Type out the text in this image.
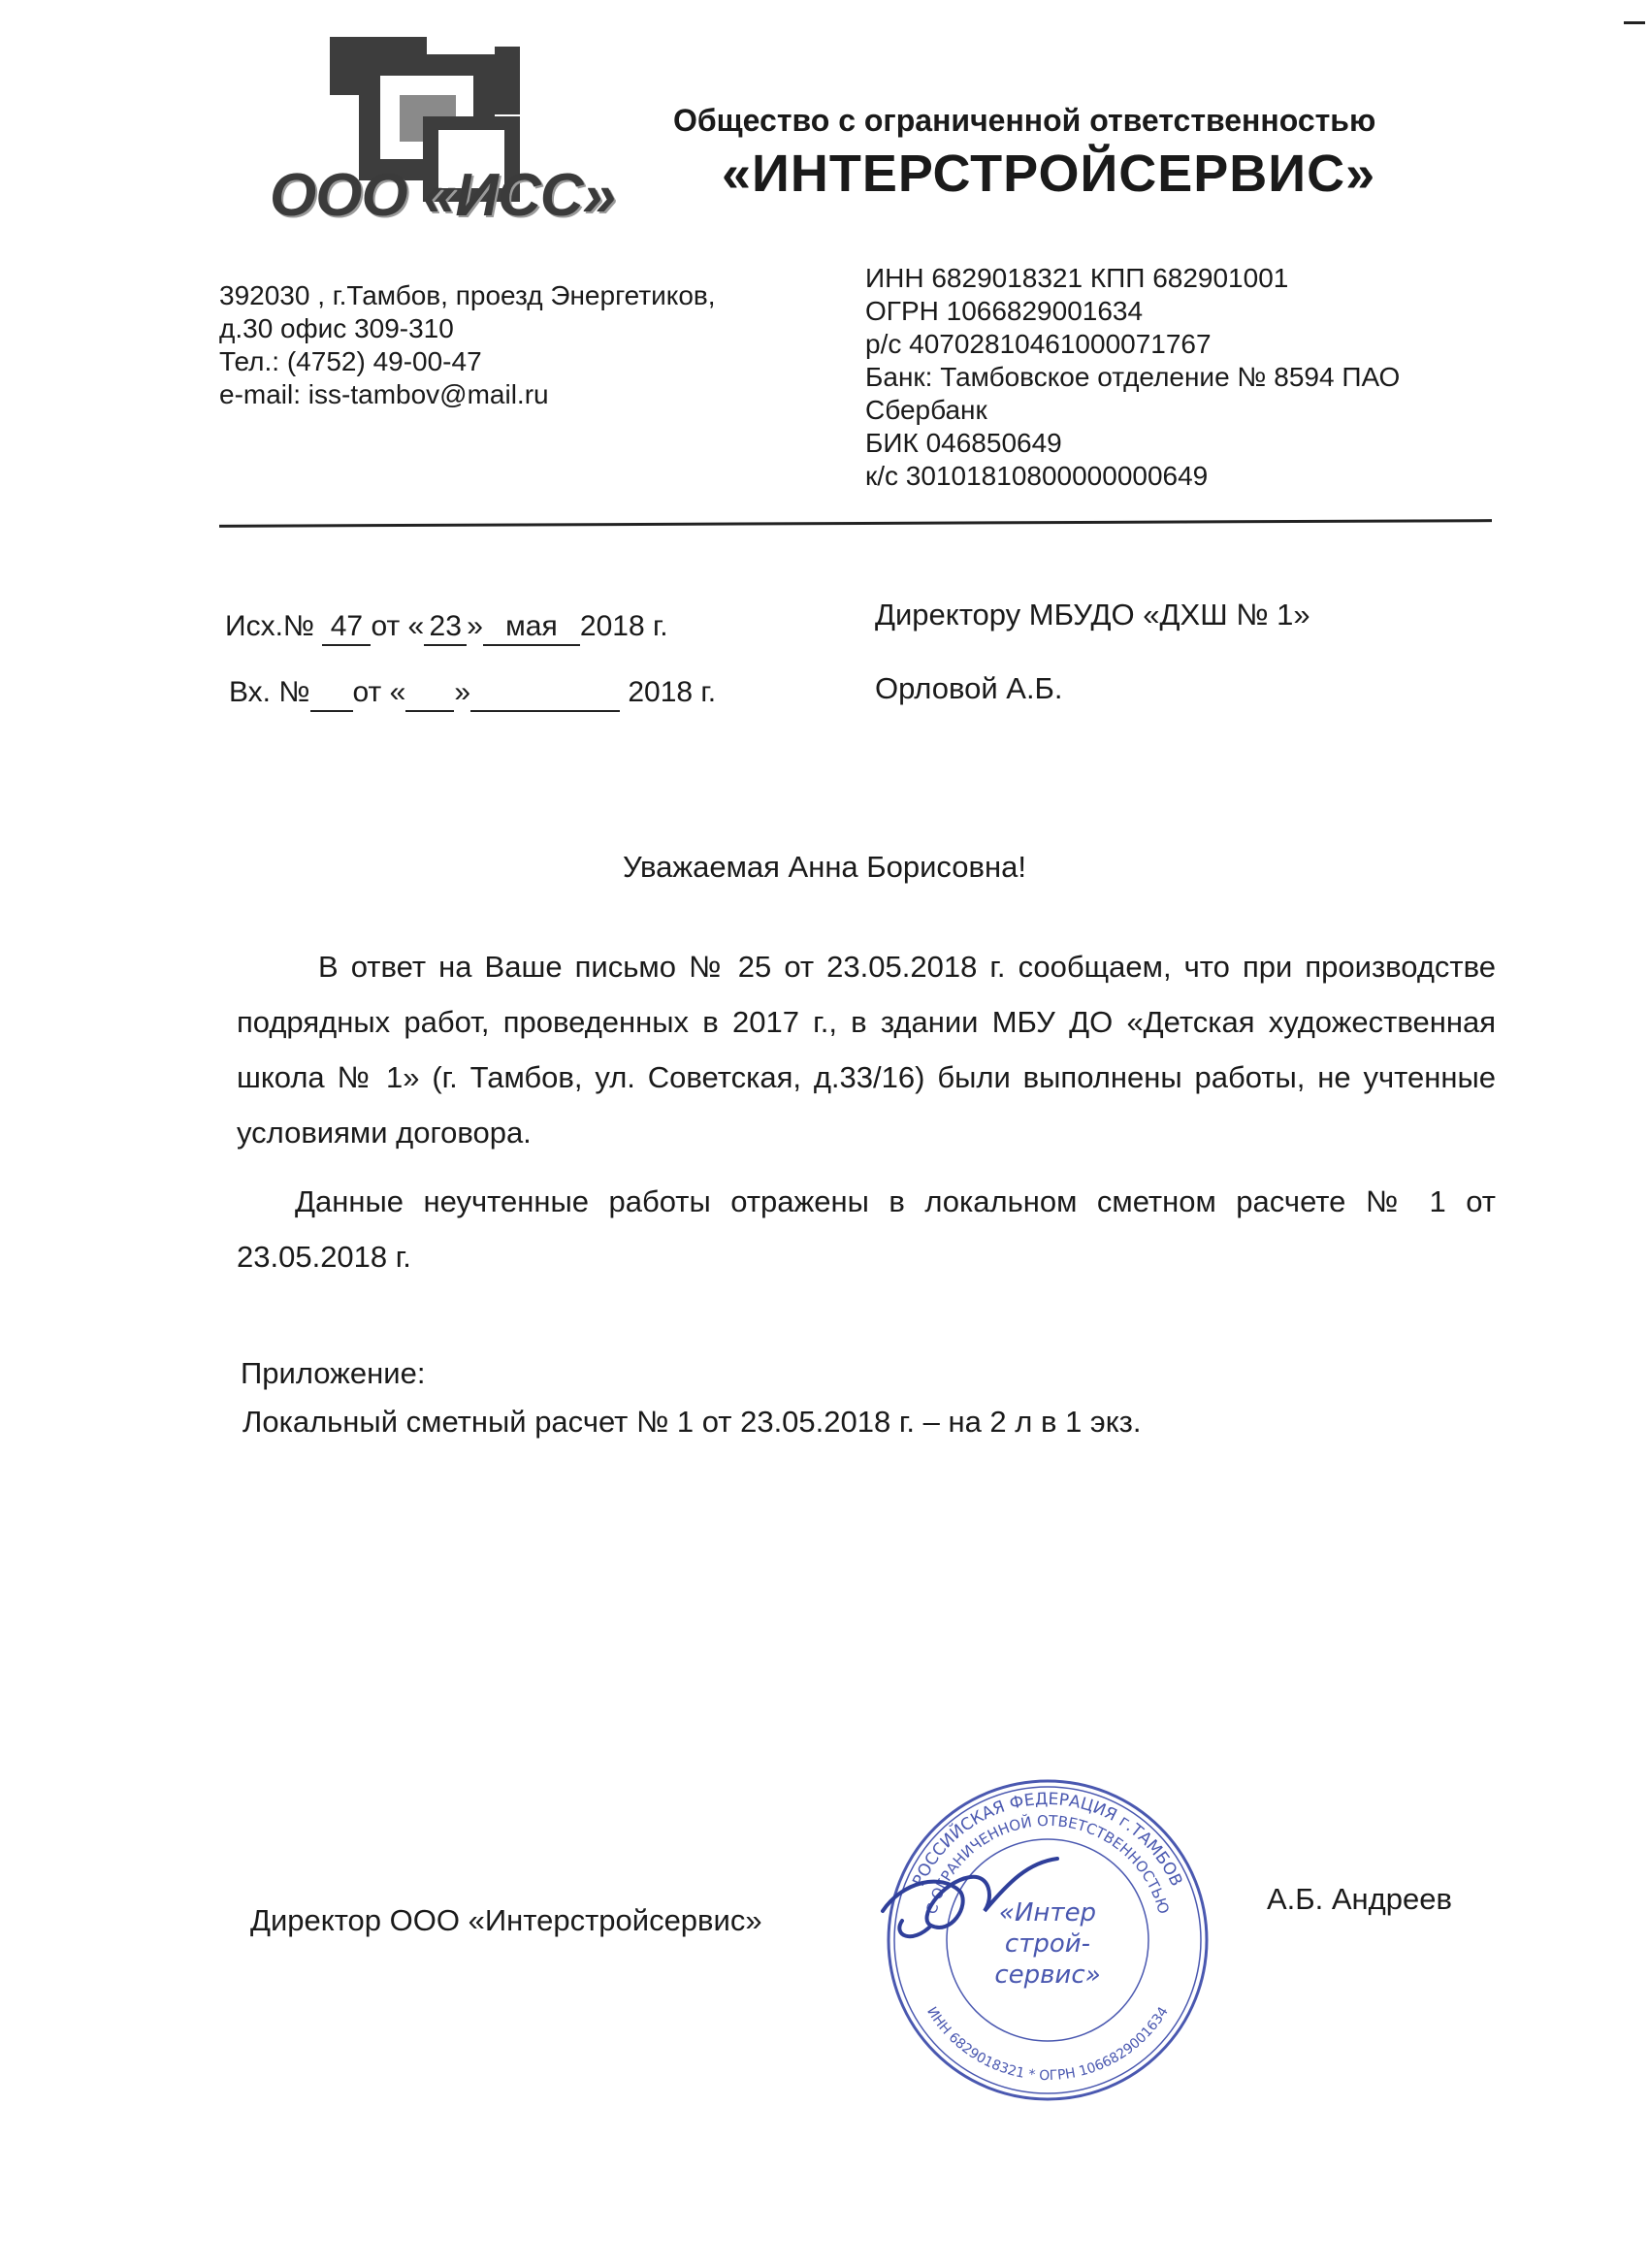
ООО «ИСС»
Общество с ограниченной ответственностью
«ИНТЕРСТРОЙСЕРВИС»
392030 , г.Тамбов, проезд Энергетиков,
д.30 офис 309-310
Тел.: (4752) 49-00-47
e-mail: iss-tambov@mail.ru
ИНН 6829018321 КПП 682901001
ОГРН 1066829001634
р/с 40702810461000071767
Банк: Тамбовское отделение № 8594 ПАО
Сбербанк
БИК 046850649
к/с 30101810800000000649
Исх.№ 47 от « 23 » мая 2018 г.
Вх. № от « »	2018 г.
Директору МБУДО «ДХШ № 1»
Орловой А.Б.
Уважаемая Анна Борисовна!
В ответ на Ваше письмо № 25 от 23.05.2018 г. сообщаем, что при производстве подрядных работ, проведенных в 2017 г., в здании МБУ ДО «Детская художественная школа № 1» (г. Тамбов, ул. Советская, д.33/16) были выполнены работы, не учтенные условиями договора.
Данные неучтенные работы отражены в локальном сметном расчете № 1 от 23.05.2018 г.
Приложение:
Локальный сметный расчет № 1 от 23.05.2018 г. – на 2 л в 1 экз.
Директор ООО «Интерстройсервис»
А.Б. Андреев
РОССИЙСКАЯ ФЕДЕРАЦИЯ г.ТАМБОВ
С ОГРАНИЧЕННОЙ ОТВЕТСТВЕННОСТЬЮ
ИНН 6829018321 * ОГРН 1066829001634
«Интер
строй-
сервис»
